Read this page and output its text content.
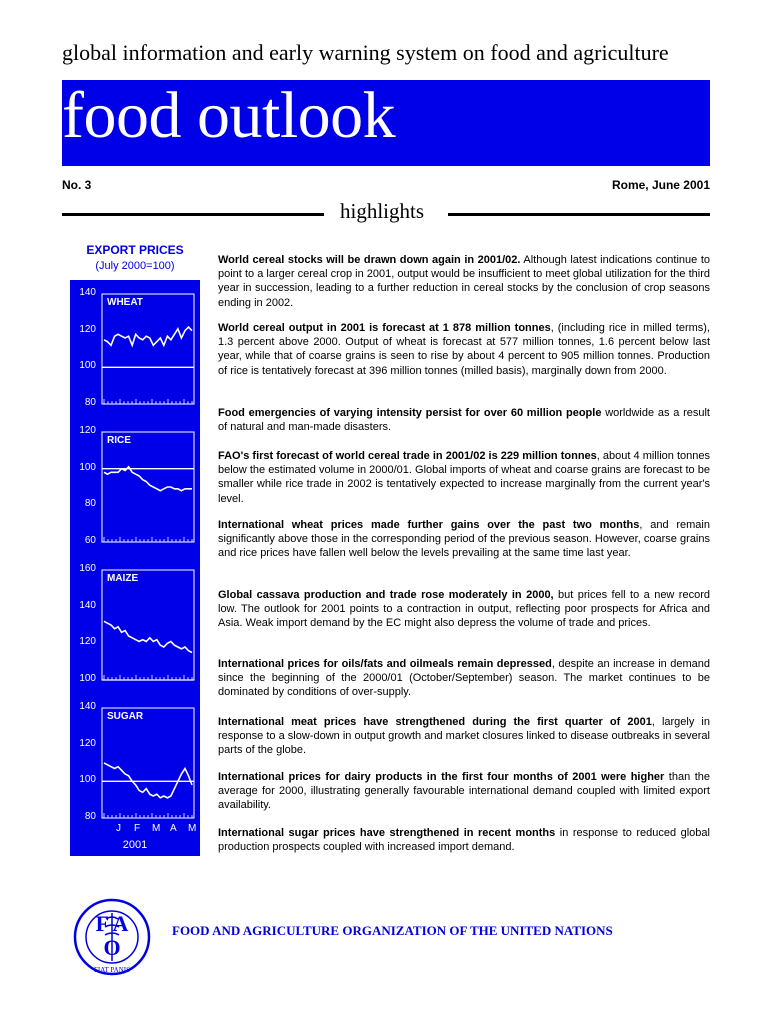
global information and early warning system on food and agriculture
food outlook
No. 3	Rome, June 2001
highlights
EXPORT PRICES
(July 2000=100)
2001
140
120
100
80
WHEAT
120
100
80
60
RICE
160
140
120
100
MAIZE
140
120
100
80
SUGAR
J F M A M
World cereal stocks will be drawn down again in 2001/02. Although latest indications continue to point to a larger cereal crop in 2001, output would be insufficient to meet global utilization for the third year in succession, leading to a further reduction in cereal stocks by the conclusion of crop seasons ending in 2002.
World cereal output in 2001 is forecast at 1 878 million tonnes, (including rice in milled terms), 1.3 percent above 2000. Output of wheat is forecast at 577 million tonnes, 1.6 percent below last year, while that of coarse grains is seen to rise by about 4 percent to 905 million tonnes. Production of rice is tentatively forecast at 396 million tonnes (milled basis), marginally down from 2000.
Food emergencies of varying intensity persist for over 60 million people worldwide as a result of natural and man-made disasters.
FAO's first forecast of world cereal trade in 2001/02 is 229 million tonnes, about 4 million tonnes below the estimated volume in 2000/01. Global imports of wheat and coarse grains are forecast to be smaller while rice trade in 2002 is tentatively expected to increase marginally from the current year's level.
International wheat prices made further gains over the past two months, and remain significantly above those in the corresponding period of the previous season. However, coarse grains and rice prices have fallen well below the levels prevailing at the same time last year.
Global cassava production and trade rose moderately in 2000, but prices fell to a new record low. The outlook for 2001 points to a contraction in output, reflecting poor prospects for Africa and Asia. Weak import demand by the EC might also depress the volume of trade and prices.
International prices for oils/fats and oilmeals remain depressed, despite an increase in demand since the beginning of the 2000/01 (October/September) season. The market continues to be dominated by conditions of over-supply.
International meat prices have strengthened during the first quarter of 2001, largely in response to a slow-down in output growth and market closures linked to disease outbreaks in several parts of the globe.
International prices for dairy products in the first four months of 2001 were higher than the average for 2000, illustrating generally favourable international demand coupled with limited export availability.
International sugar prices have strengthened in recent months in response to reduced global production prospects coupled with increased import demand.
F A
O
FIAT PANIS
FOOD AND AGRICULTURE ORGANIZATION OF THE UNITED NATIONS
